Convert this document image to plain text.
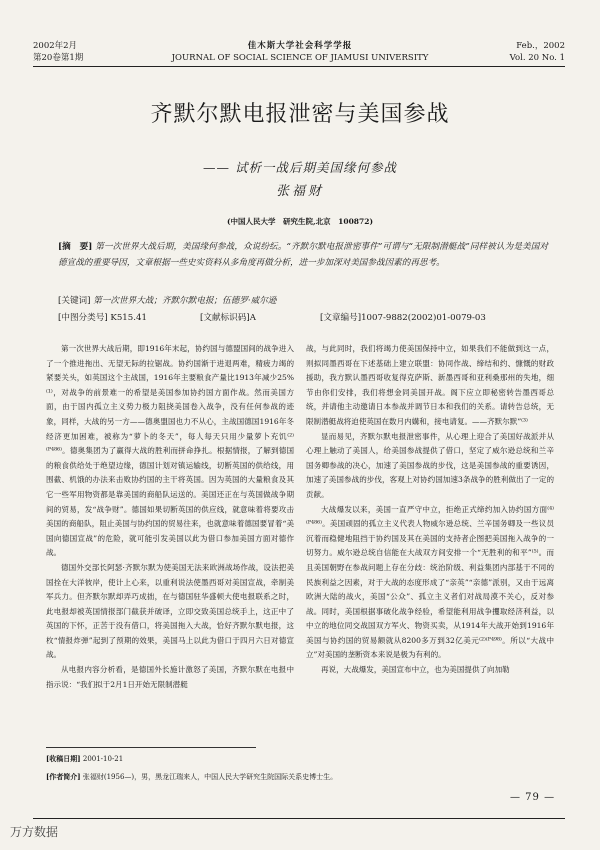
2002年2月
第20卷第1期
佳木斯大学社会科学学报
JOURNAL OF SOCIAL SCIENCE OF JIAMUSI UNIVERSITY
Feb.，2002
Vol. 20 No. 1
齐默尔默电报泄密与美国参战
—— 试析一战后期美国缘何参战
张福财
(中国人民大学　研究生院,北京　100872)
[摘　要] 第一次世界大战后期，美国缘何参战，众说纷纭。“齐默尔默电报泄密事件”可谓与“无限制潜艇战”同样被认为是美国对德宣战的重要导因，文章根据一些史实资料从多角度再做分析，进一步加深对美国参战因素的再思考。
[关键词] 第一次世界大战；齐默尔默电报；伍德罗·威尔逊
[中图分类号] K515.41	[文献标识码]A	[文章编号]1007-9882(2002)01-0079-03

第一次世界大战后期，即1916年末起，协约国与德盟国间的战争进入了一个推进拖出、无望无际的拉锯战。协约国渐于进退两难，精疲力竭的紧要关头，如英国这个主战国，1916年主要粮食产量比1913年减少25%⁽¹⁾，对战争的前景难一的希望是美国参加协约国方面作战。然而美国方面，由于国内孤立主义势力极力阻挠美国卷入战争，没有任何参战的迹象，同样，大战的另一方——德奥盟国也力不从心，主战国德国1916年冬经济更加困难，被称为“萝卜的冬天”，每人每天只用少量萝卜充饥⁽²⁾⁽ᴾ⁴⁸⁶⁾。德奥集团为了赢得大战的胜利而拼命挣扎。根据情报，了解到德国的粮食供给处于绝望边缘，德国计划对镇运输线，切断英国的供给线，用围截、机饿的办法来击败协约国的主干将英国。因为英国的大量粮食及其它一些军用物资都是靠美国的商船队运送的。美国还正在与英国做战争期间的贸易，发“战争财”。德国如果切断英国的供应线，就意味着将要攻击美国的商船队，阻止美国与协约国的贸易往来，也就意味着德国要冒着“美国向德国宣战”的危险，就可能引发美国以此为借口参加美国方面对德作战。

德国外交部长阿瑟·齐默尔默为使美国无法来欧洲战场作战，设法把美国拴在大洋彼岸，使计上心来，以重利说法使墨西哥对美国宣战，牵制美军兵力。但齐默尔默却弄巧成拙，在与德国驻华盛顿大使电报联系之时，此电报却被英国情报部门截获并破译，立即交致美国总统手上，这正中了英国的下怀，正苦于没有借口，将美国拖入大战，恰好齐默尔默电报，这枚“情报炸弹”起到了预期的效果，美国马上以此为借口于四月六日对德宣战。

从电报内容分析看，是德国外长施计激怒了美国，齐默尔默在电报中指示说：“我们拟于2月1日开始无限制潜艇

战，与此同时，我们将竭力使美国保持中立，如果我们不能做到这一点，则拟同墨西哥在下述基础上建立联盟：协同作战、缔结和约、慷慨的财政援助，我方默认墨西哥收复得克萨斯、新墨西哥和亚利桑那州的失地，细节由你们安排，我们将想金同美国开战。阁下应立即秘密转告墨西哥总统，并请他主动邀请日本参战并调节日本和我们的关系。请转告总统，无限制潜艇战将迫使英国在数月内媾和，接电请复。——齐默尔默”⁽³⁾

显而易见，齐默尔默电报泄密事件，从心理上迎合了美国好战派并从心理上触动了美国人，给美国参战提供了借口，坚定了威尔逊总统和兰辛国务卿参战的决心，加速了美国参战的步伐，这是美国参战的重要诱因，加速了美国参战的步伐，客观上对协约国加速3条战争的胜利做出了一定的贡献。

大战爆发以来，美国一直严守中立，拒绝正式缔约加入协约国方面⁽⁴⁾⁽ᴾ⁴⁸⁶⁾。美国顽固的孤立主义代表人物威尔逊总统、兰辛国务卿及一些议员沉着而稳健地阻挡于协约国及其在美国的支持者企图把美国拖入战争的一切努力。威尔逊总统自信能在大战双方间安排一个“无胜利的和平”⁽⁵⁾。而且美国朝野在参战问题上存在分歧：统治阶级、利益集团内部基于不同的民族利益之因素，对于大战的态度形成了“亲英”“亲德”派别，又由于远离欧洲大陆的战火，美国“公众”、孤立主义者们对战局漠不关心，反对参战。同时，美国根据事破化战争经验，希望能利用战争攫取经济利益，以中立的地位同交战国双方军火、物资买卖，从1914年大战开始到1916年美国与协约国的贸易额就从8200多万到32亿美元⁽²⁾⁽ᴾ⁴⁹⁸⁾。所以“大战中立”对美国的垄断资本来说是极为有利的。

再说，大战爆发，美国宣布中立，也为美国提供了向加勒

[收稿日期] 2001-10-21
[作者简介] 张福财(1956—)，男，黑龙江瑞来人，中国人民大学研究生院国际关系史博士生。
— 79 —
万方数据
